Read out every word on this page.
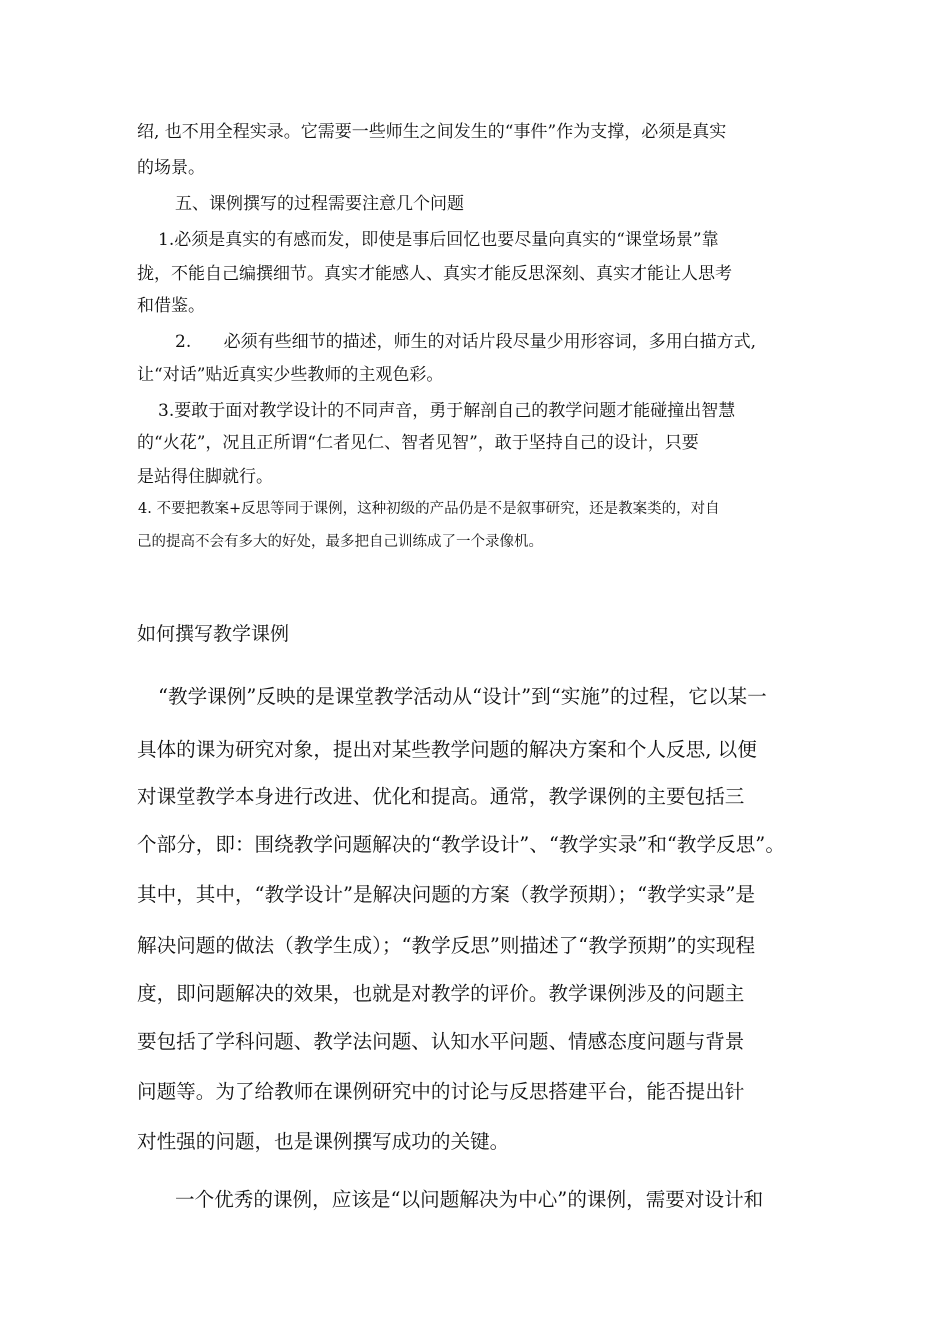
绍, 也不用全程实录。它需要一些师生之间发生的“事件”作为支撑，必须是真实
的场景。
五、课例撰写的过程需要注意几个问题
1.必须是真实的有感而发，即使是事后回忆也要尽量向真实的“课堂场景”靠
拢，不能自己编撰细节。真实才能感人、真实才能反思深刻、真实才能让人思考
和借鉴。
2.      必须有些细节的描述，师生的对话片段尽量少用形容词，多用白描方式,
让“对话”贴近真实少些教师的主观色彩。
3.要敢于面对教学设计的不同声音，勇于解剖自己的教学问题才能碰撞出智慧
的“火花”，况且正所谓“仁者见仁、智者见智”，敢于坚持自己的设计，只要
是站得住脚就行。
4. 不要把教案+反思等同于课例，这种初级的产品仍是不是叙事研究，还是教案类的，对自
己的提高不会有多大的好处，最多把自己训练成了一个录像机。
如何撰写教学课例
“教学课例”反映的是课堂教学活动从“设计”到“实施”的过程，它以某一
具体的课为研究对象，提出对某些教学问题的解决方案和个人反思, 以便
对课堂教学本身进行改进、优化和提高。通常，教学课例的主要包括三
个部分，即：围绕教学问题解决的“教学设计”、“教学实录”和“教学反思”。
其中，其中，“教学设计”是解决问题的方案（教学预期）；“教学实录”是
解决问题的做法（教学生成）；“教学反思”则描述了“教学预期”的实现程
度，即问题解决的效果，也就是对教学的评价。教学课例涉及的问题主
要包括了学科问题、教学法问题、认知水平问题、情感态度问题与背景
问题等。为了给教师在课例研究中的讨论与反思搭建平台，能否提出针
对性强的问题，也是课例撰写成功的关键。
一个优秀的课例，应该是“以问题解决为中心”的课例，需要对设计和
